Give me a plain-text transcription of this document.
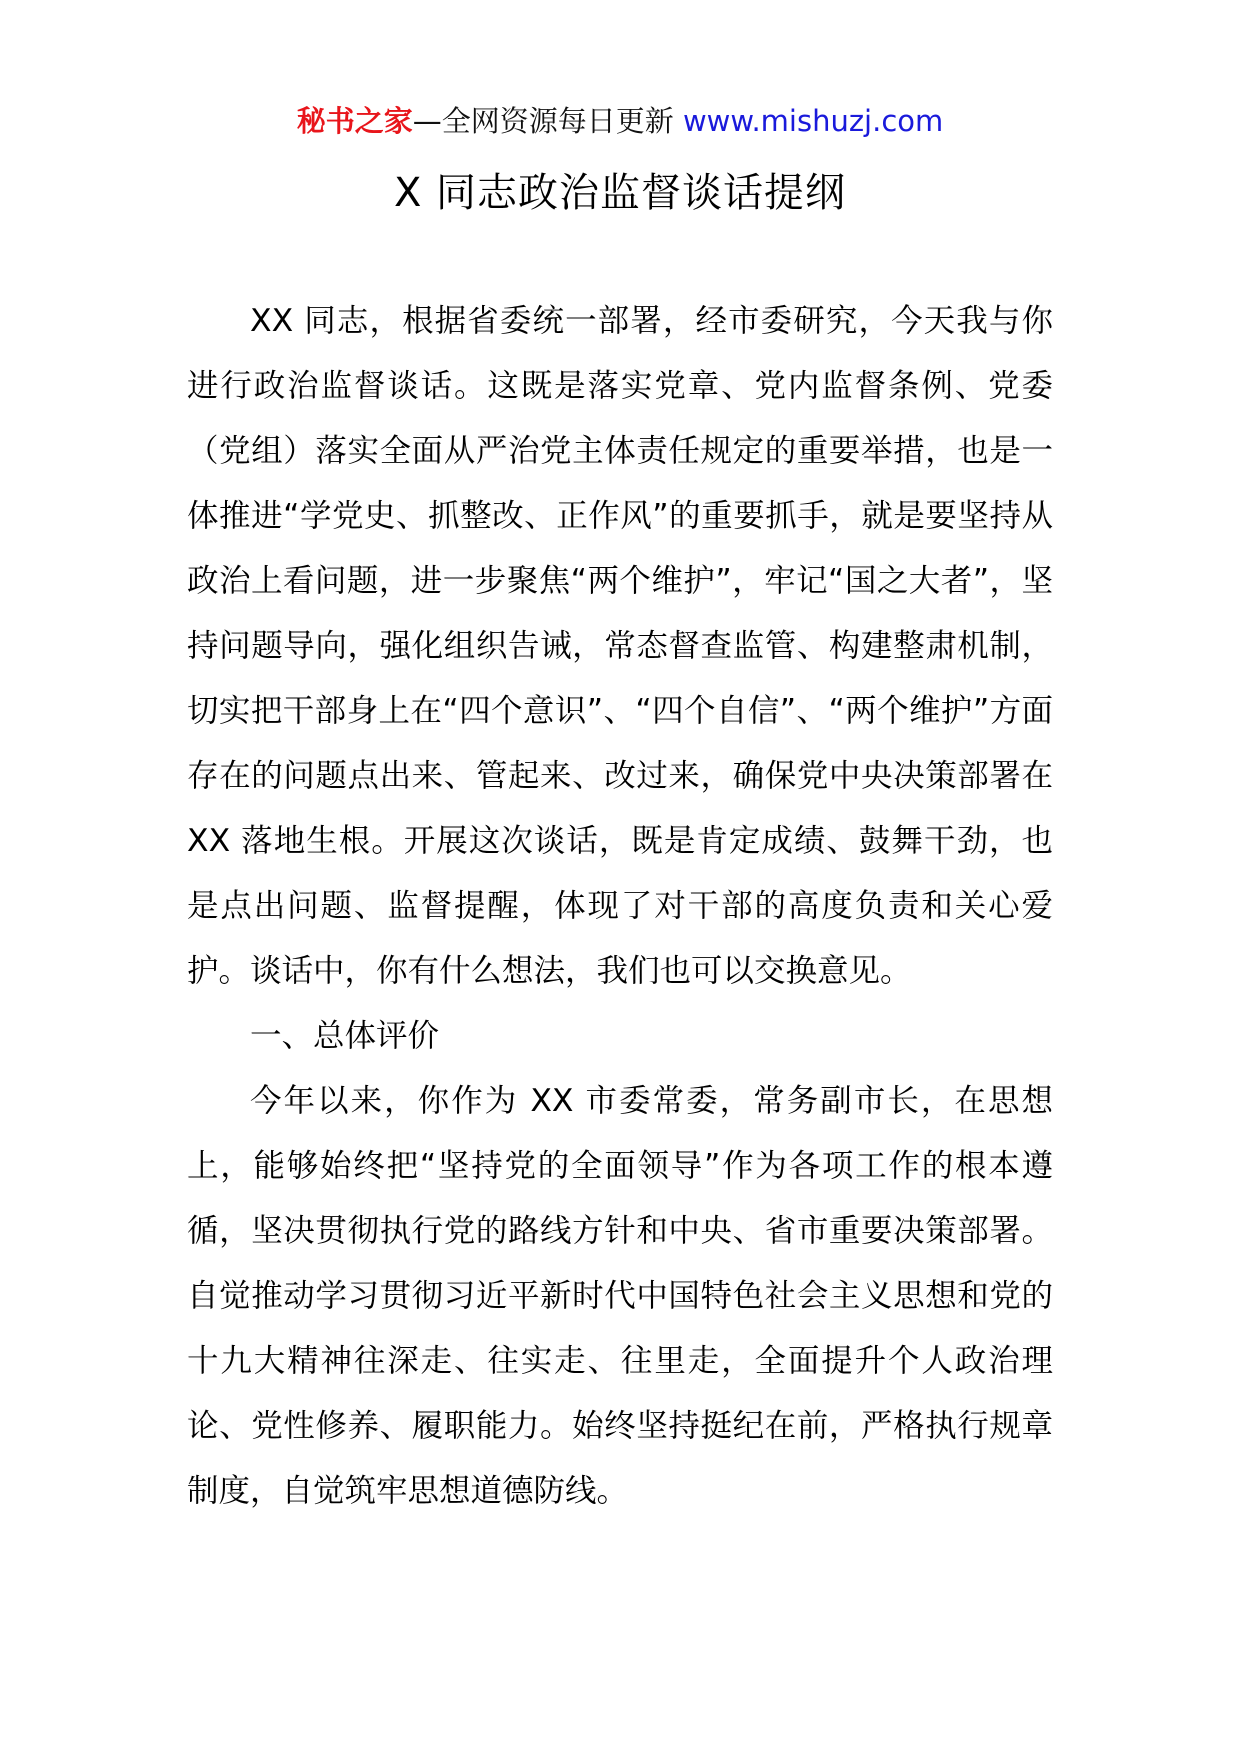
秘书之家—全网资源每日更新 www.mishuzj.com
X 同志政治监督谈话提纲

XX 同志，根据省委统一部署，经市委研究，今天我与你进行政治监督谈话。这既是落实党章、党内监督条例、党委（党组）落实全面从严治党主体责任规定的重要举措，也是一体推进“学党史、抓整改、正作风”的重要抓手，就是要坚持从政治上看问题，进一步聚焦“两个维护”，牢记“国之大者”，坚持问题导向，强化组织告诫，常态督查监管、构建整肃机制，切实把干部身上在“四个意识”、“四个自信”、“两个维护”方面存在的问题点出来、管起来、改过来，确保党中央决策部署在 XX 落地生根。开展这次谈话，既是肯定成绩、鼓舞干劲，也是点出问题、监督提醒，体现了对干部的高度负责和关心爱护。谈话中，你有什么想法，我们也可以交换意见。

一、总体评价

今年以来，你作为 XX 市委常委，常务副市长，在思想上，能够始终把“坚持党的全面领导”作为各项工作的根本遵循，坚决贯彻执行党的路线方针和中央、省市重要决策部署。自觉推动学习贯彻习近平新时代中国特色社会主义思想和党的十九大精神往深走、往实走、往里走，全面提升个人政治理论、党性修养、履职能力。始终坚持挺纪在前，严格执行规章制度，自觉筑牢思想道德防线。
